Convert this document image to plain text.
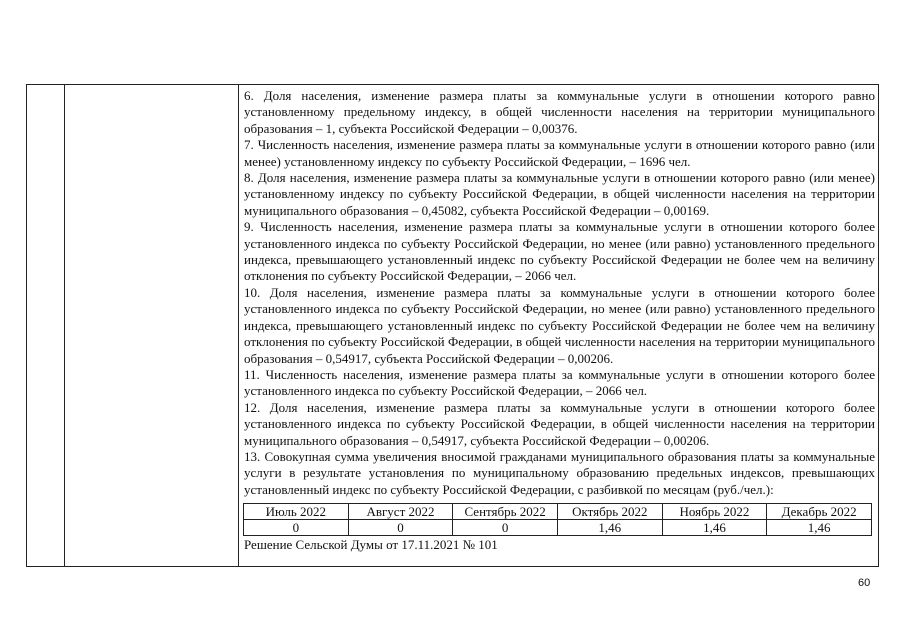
6. Доля населения, изменение размера платы за коммунальные услуги в отношении которого равно установленному предельному индексу, в общей численности населения на территории муниципального образования – 1, субъекта Российской Федерации – 0,00376.

7. Численность населения, изменение размера платы за коммунальные услуги в отношении которого равно (или менее) установленному индексу по субъекту Российской Федерации, – 1696 чел.

8. Доля населения, изменение размера платы за коммунальные услуги в отношении которого равно (или менее) установленному индексу по субъекту Российской Федерации, в общей численности населения на территории муниципального образования – 0,45082, субъекта Российской Федерации – 0,00169.

9. Численность населения, изменение размера платы за коммунальные услуги в отношении которого более установленного индекса по субъекту Российской Федерации, но менее (или равно) установленного предельного индекса, превышающего установленный индекс по субъекту Российской Федерации не более чем на величину отклонения по субъекту Российской Федерации, – 2066 чел.

10. Доля населения, изменение размера платы за коммунальные услуги в отношении которого более установленного индекса по субъекту Российской Федерации, но менее (или равно) установленного предельного индекса, превышающего установленный индекс по субъекту Российской Федерации не более чем на величину отклонения по субъекту Российской Федерации, в общей численности населения на территории муниципального образования – 0,54917, субъекта Российской Федерации – 0,00206.

11. Численность населения, изменение размера платы за коммунальные услуги в отношении которого более установленного индекса по субъекту Российской Федерации, – 2066 чел.

12. Доля населения, изменение размера платы за коммунальные услуги в отношении которого более установленного индекса по субъекту Российской Федерации, в общей численности населения на территории муниципального образования – 0,54917, субъекта Российской Федерации – 0,00206.

13. Совокупная сумма увеличения вносимой гражданами муниципального образования платы за коммунальные услуги в результате установления по муниципальному образованию предельных индексов, превышающих установленный индекс по субъекту Российской Федерации, с разбивкой по месяцам (руб./чел.):

Июль 2022	Август 2022	Сентябрь 2022	Октябрь 2022	Ноябрь 2022	Декабрь 2022
0	0	0	1,46	1,46	1,46
Решение Сельской Думы от 17.11.2021 № 101
60
